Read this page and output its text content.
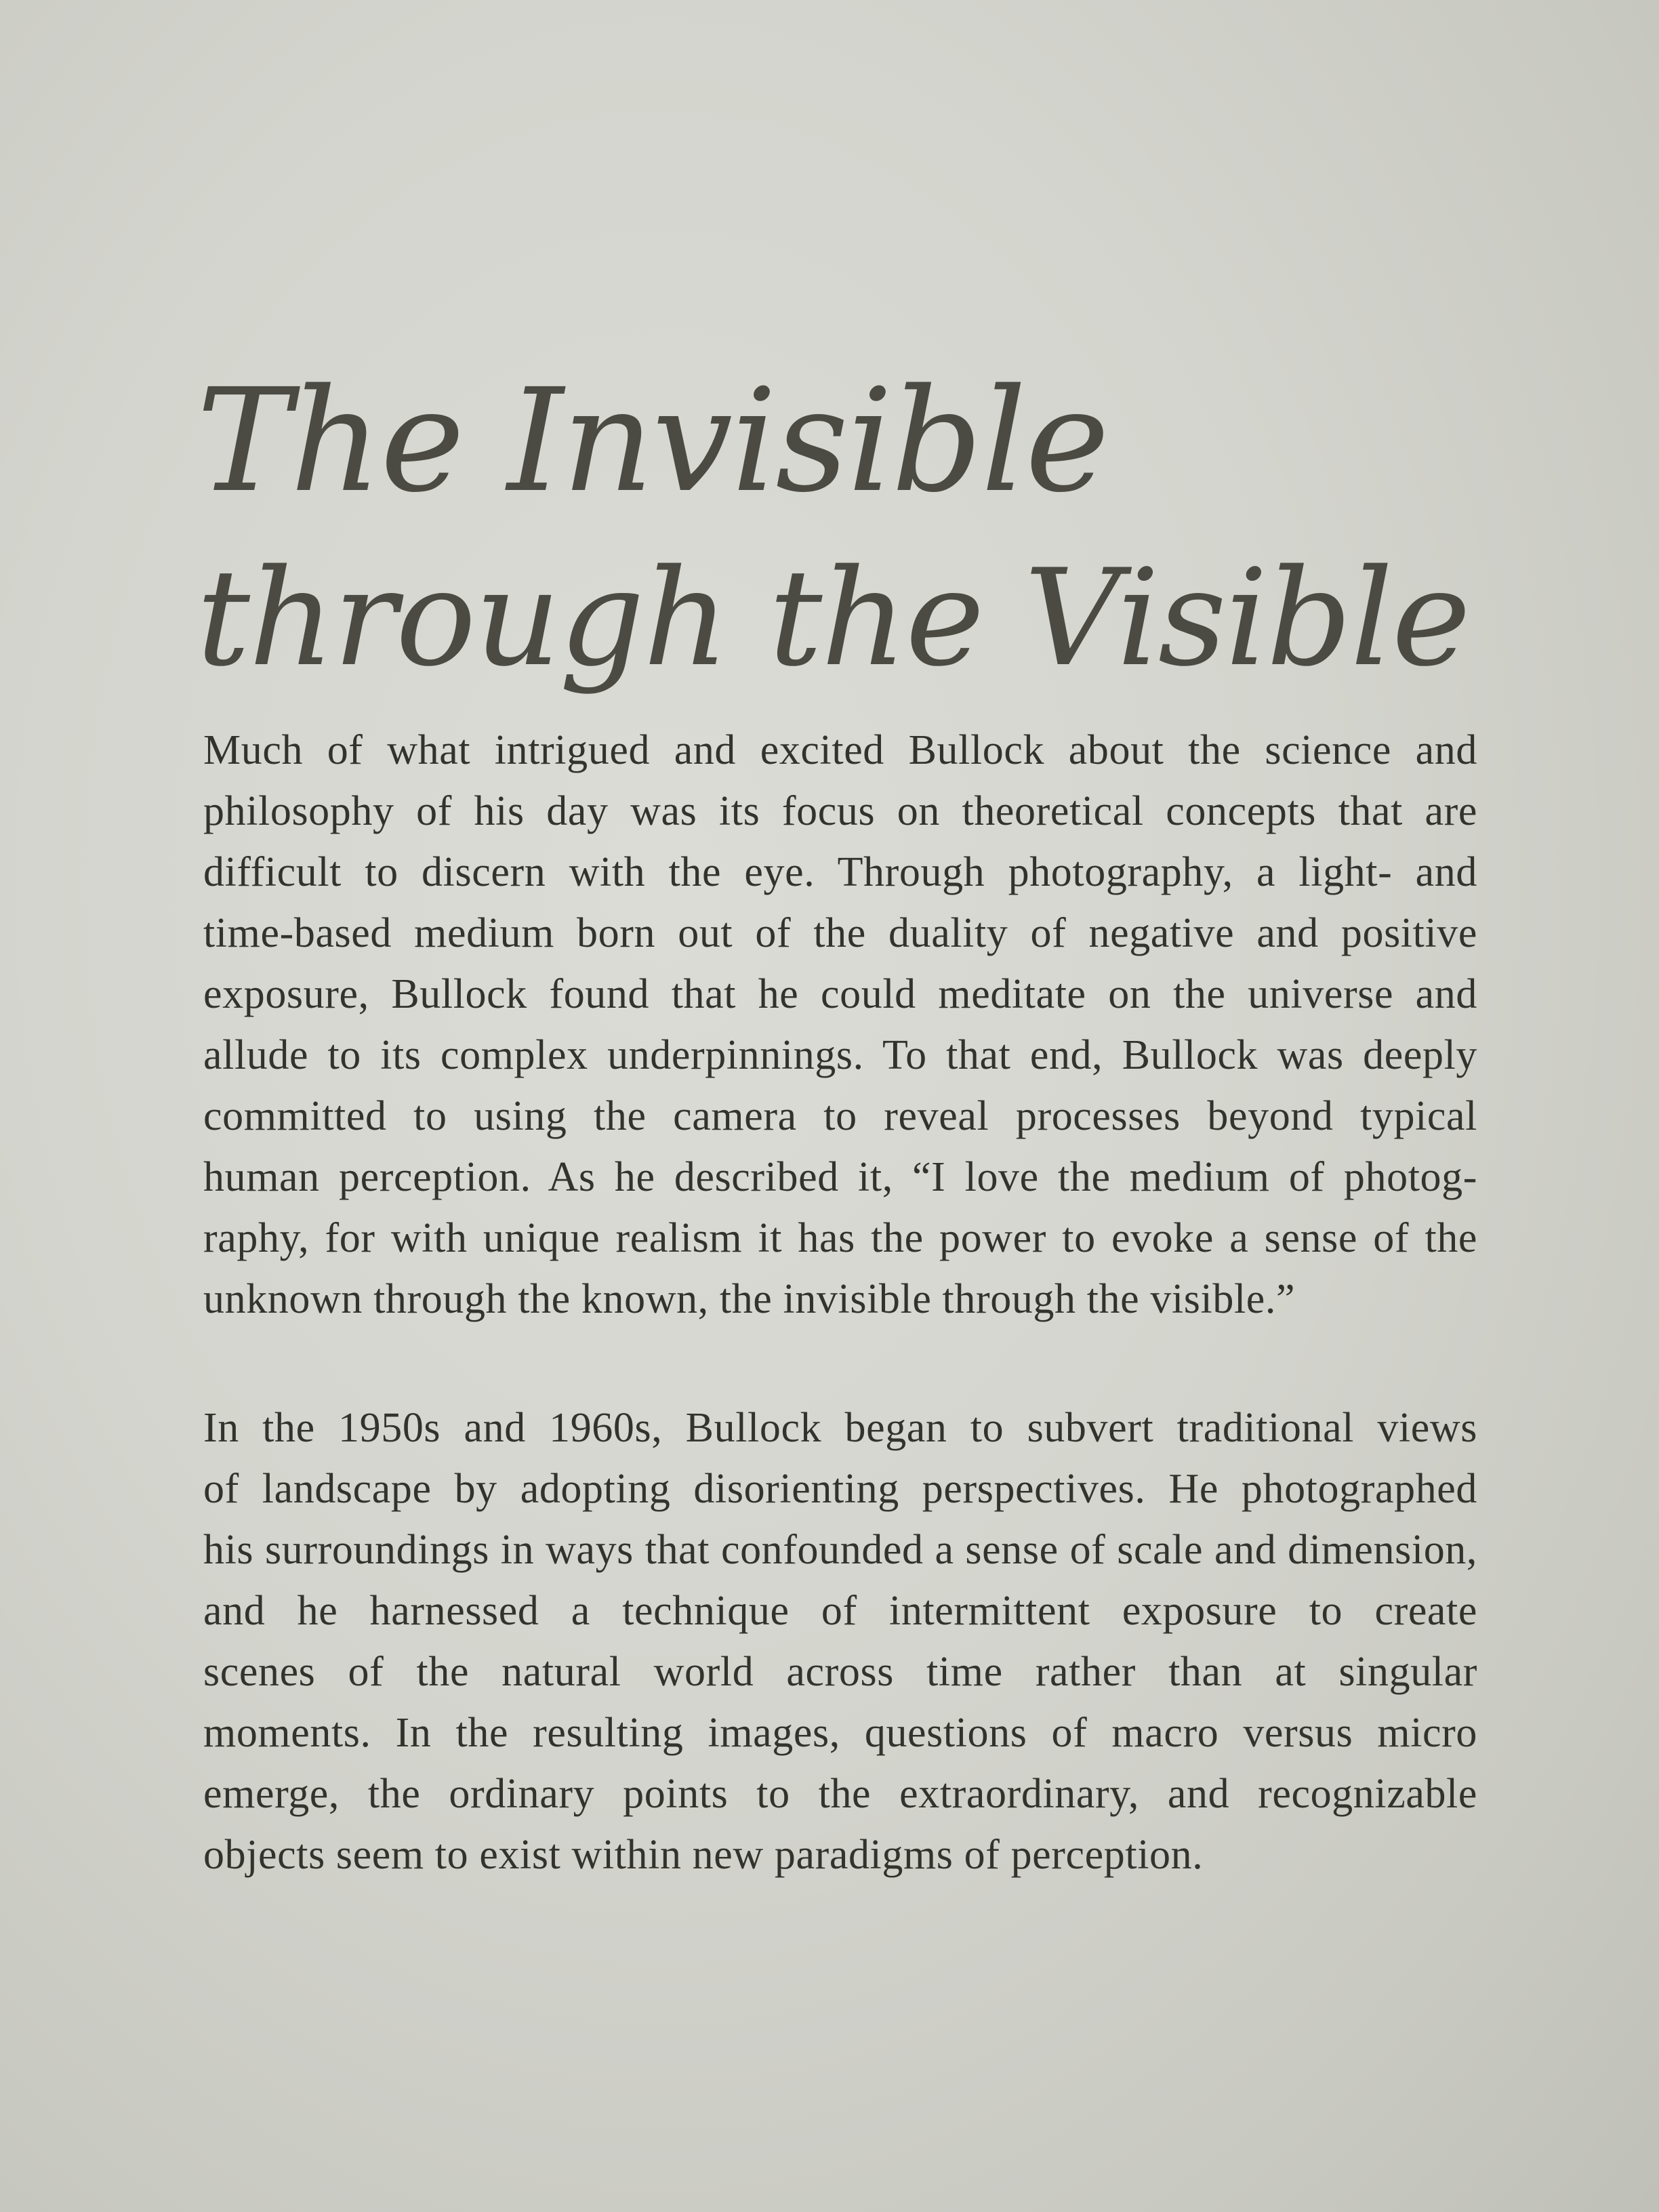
The Invisible
through the Visible
Much of what intrigued and excited Bullock about the science and
philosophy of his day was its focus on theoretical concepts that are
difficult to discern with the eye. Through photography, a light- and
time-based medium born out of the duality of negative and positive
exposure, Bullock found that he could meditate on the universe and
allude to its complex underpinnings. To that end, Bullock was deeply
committed to using the camera to reveal processes beyond typical
human perception. As he described it, “I love the medium of photog-
raphy, for with unique realism it has the power to evoke a sense of the
unknown through the known, the invisible through the visible.”
In the 1950s and 1960s, Bullock began to subvert traditional views
of landscape by adopting disorienting perspectives. He photographed
his surroundings in ways that confounded a sense of scale and dimension,
and he harnessed a technique of intermittent exposure to create
scenes of the natural world across time rather than at singular
moments. In the resulting images, questions of macro versus micro
emerge, the ordinary points to the extraordinary, and recognizable
objects seem to exist within new paradigms of perception.
